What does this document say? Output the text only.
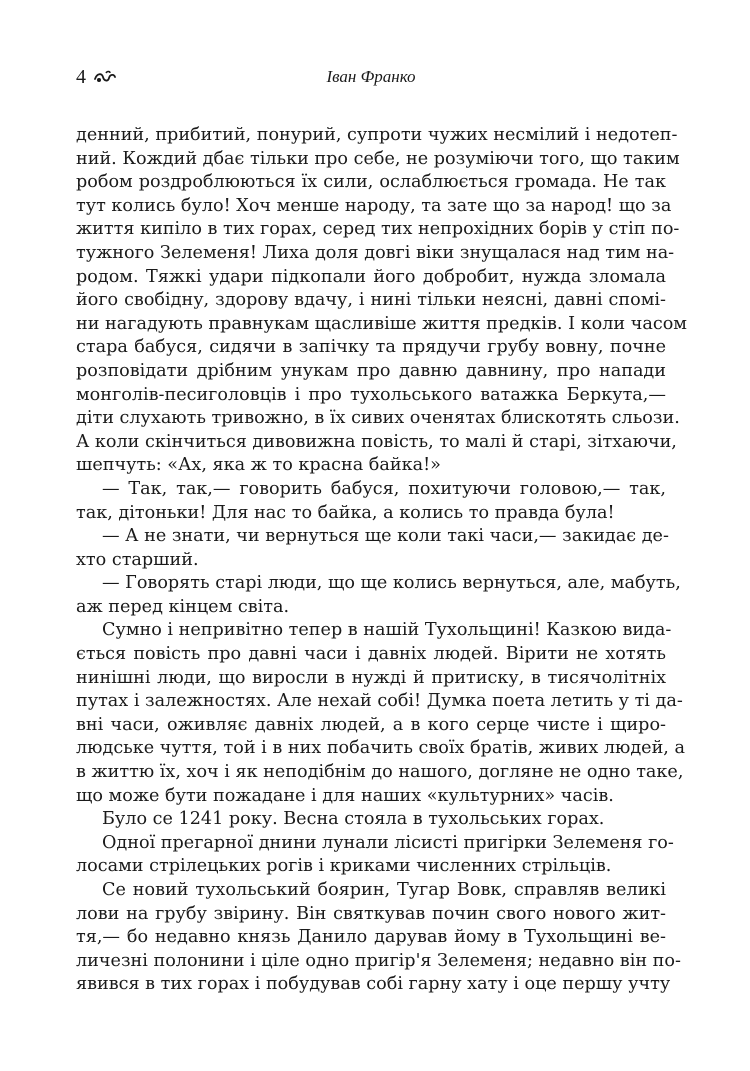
4	Іван Франко
денний, прибитий, понурий, супроти чужих несмілий і недотеп-
ний. Кождий дбає тільки про себе, не розуміючи того, що таким
робом роздроблюються їх сили, ослаблюється громада. Не так
тут колись було! Хоч менше народу, та зате що за народ! що за
життя кипіло в тих горах, серед тих непрохідних борів у стіп по-
тужного Зелеменя! Лиха доля довгі віки знущалася над тим на-
родом. Тяжкі удари підкопали його добробит, нужда зломала
його свобідну, здорову вдачу, і нині тільки неясні, давні спомі-
ни нагадують правнукам щасливіше життя предків. І коли часом
стара бабуся, сидячи в запічку та прядучи грубу вовну, почне
розповідати дрібним унукам про давню давнину, про напади
монголів-песиголовців і про тухольського ватажка Беркута,—
діти слухають тривожно, в їх сивих оченятах блискотять сльози.
А коли скінчиться дивовижна повість, то малі й старі, зітхаючи,
шепчуть: «Ах, яка ж то красна байка!»
— Так, так,— говорить бабуся, похитуючи головою,— так,
так, дітоньки! Для нас то байка, а колись то правда була!
— А не знати, чи вернуться ще коли такі часи,— закидає де-
хто старший.
— Говорять старі люди, що ще колись вернуться, але, мабуть,
аж перед кінцем світа.
Сумно і непривітно тепер в нашій Тухольщині! Казкою вида-
ється повість про давні часи і давніх людей. Вірити не хотять
нинішні люди, що виросли в нужді й притиску, в тисячолітніх
путах і залежностях. Але нехай собі! Думка поета летить у ті да-
вні часи, оживляє давніх людей, а в кого серце чисте і щиро-
людське чуття, той і в них побачить своїх братів, живих людей, а
в життю їх, хоч і як неподібнім до нашого, догляне не одно таке,
що може бути пожадане і для наших «культурних» часів.
Було се 1241 року. Весна стояла в тухольських горах.
Одної прегарної днини лунали лісисті пригірки Зелеменя го-
лосами стрілецьких рогів і криками численних стрільців.
Се новий тухольський боярин, Тугар Вовк, справляв великі
лови на грубу звірину. Він святкував почин свого нового жит-
тя,— бо недавно князь Данило дарував йому в Тухольщині ве-
личезні полонини і ціле одно пригір'я Зелеменя; недавно він по-
явився в тих горах і побудував собі гарну хату і оце першу учту
